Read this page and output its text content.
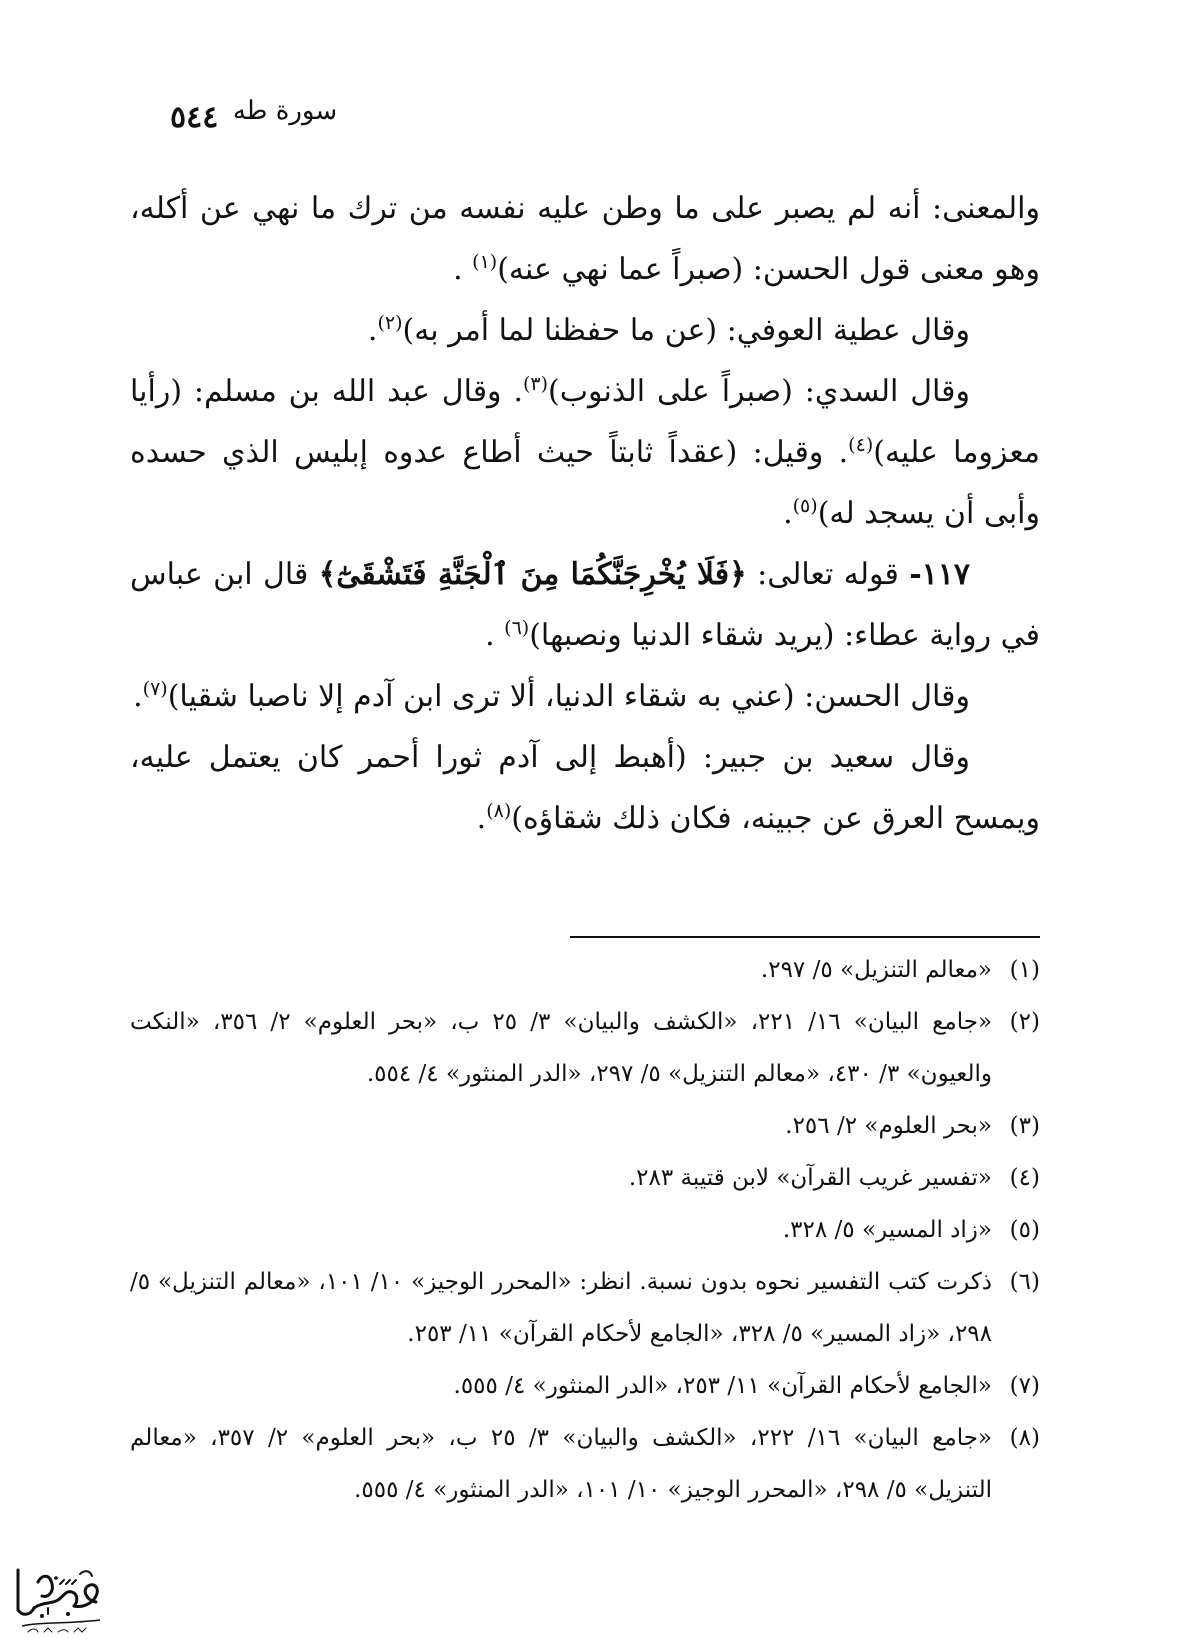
٥٤٤ سورة طه

والمعنى: أنه لم يصبر على ما وطن عليه نفسه من ترك ما نهي عن أكله، وهو معنى قول الحسن: (صبراً عما نهي عنه)$^{(١)}$ .

وقال عطية العوفي: (عن ما حفظنا لما أمر به)$^{(٢)}$.

وقال السدي: (صبراً على الذنوب)$^{(٣)}$. وقال عبد الله بن مسلم: (رأيا معزوما عليه)$^{(٤)}$. وقيل: (عقداً ثابتاً حيث أطاع عدوه إبليس الذي حسده وأبى أن يسجد له)$^{(٥)}$.

١١٧- قوله تعالى: ﴿فَلَا يُخْرِجَنَّكُمَا مِنَ ٱلْجَنَّةِ فَتَشْقَىٰٓ﴾ قال ابن عباس في رواية عطاء: (يريد شقاء الدنيا ونصبها)$^{(٦)}$ .

وقال الحسن: (عني به شقاء الدنيا، ألا ترى ابن آدم إلا ناصبا شقيا)$^{(٧)}$.

وقال سعيد بن جبير: (أهبط إلى آدم ثورا أحمر كان يعتمل عليه، ويمسح العرق عن جبينه، فكان ذلك شقاؤه)$^{(٨)}$.

(١)
«معالم التنزيل» ٥/ ٢٩٧.
(٢)
«جامع البيان» ١٦/ ٢٢١، «الكشف والبيان» ٣/ ٢٥ ب، «بحر العلوم» ٢/ ٣٥٦، «النكت والعيون» ٣/ ٤٣٠، «معالم التنزيل» ٥/ ٢٩٧، «الدر المنثور» ٤/ ٥٥٤.
(٣)
«بحر العلوم» ٢/ ٢٥٦.
(٤)
«تفسير غريب القرآن» لابن قتيبة ٢٨٣.
(٥)
«زاد المسير» ٥/ ٣٢٨.
(٦)
ذكرت كتب التفسير نحوه بدون نسبة. انظر: «المحرر الوجيز» ١٠/ ١٠١، «معالم التنزيل» ٥/ ٢٩٨، «زاد المسير» ٥/ ٣٢٨، «الجامع لأحكام القرآن» ١١/ ٢٥٣.
(٧)
«الجامع لأحكام القرآن» ١١/ ٢٥٣، «الدر المنثور» ٤/ ٥٥٥.
(٨)
«جامع البيان» ١٦/ ٢٢٢، «الكشف والبيان» ٣/ ٢٥ ب، «بحر العلوم» ٢/ ٣٥٧، «معالم التنزيل» ٥/ ٢٩٨، «المحرر الوجيز» ١٠/ ١٠١، «الدر المنثور» ٤/ ٥٥٥.
